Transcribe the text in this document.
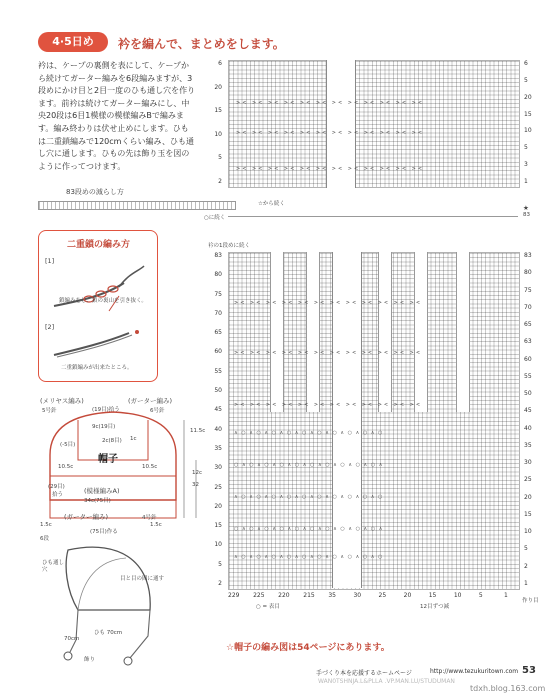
4·5日め	衿を編んで、まとめをします。
衿は、ケープの裏側を表にして、ケープから続けてガーター編みを6段編みますが、3段めにかけ目と2目一度のひも通し穴を作ります。前衿は続けてガーター編みにし、中央20段は6目1模様の模様編みBで編みます。編み終わりは伏せ止めにします。ひもは二重鎖編みで120cmくらい編み、ひも通し穴に通します。ひもの先は飾り玉を図のように作ってつけます。
83段めの減らし方
二重鎖の編み方
[1]
鎖編みをし、鎖の裏山を引き抜く。
[2]
二重鎖編みが出来たところ。
(メリヤス編み)	(ガーター編み)
5号針	6号針
(19目)拾う
9c(19目)
(-5目)
2c(8目) 1c
帽子
10.5c	10.5c
(29目)
拾う	(模様編みA)
34c(75目)
11.5c
12c
32
(ガーター編み)	4号針
(75目)作る
1.5c	1.5c
6段
ひも通し穴
目と目の間に通す
ひも 70cm
飾り
70cm
>< >< >< >< >< >< >< >< >< >< >< ><
>< >< >< >< >< >< >< >< >< >< >< ><
>< >< >< >< >< >< >< >< >< >< >< ><
6
20
15
10
5
2
6
5
20
15
10
5
3
1
☆から続く
○に続く
★
83
衿の1段めに続く
>< >< >< >< >< >< >< >< >< >< >< ><
>< >< >< >< >< >< >< >< >< >< >< ><
>< >< >< >< >< >< >< >< >< >< >< ><
∧ ○ ∧ ○ ∧ ○ ∧ ○ ∧ ○ ∧ ○ ∧ ○ ∧ ○ ∧ ○ ∧ ○
○ ∧ ○ ∧ ○ ∧ ○ ∧ ○ ∧ ○ ∧ ○ ∧ ○ ∧ ○ ∧ ○ ∧
∧ ○ ∧ ○ ∧ ○ ∧ ○ ∧ ○ ∧ ○ ∧ ○ ∧ ○ ∧ ○ ∧ ○
○ ∧ ○ ∧ ○ ∧ ○ ∧ ○ ∧ ○ ∧ ○ ∧ ○ ∧ ○ ∧ ○ ∧
∧ ○ ∧ ○ ∧ ○ ∧ ○ ∧ ○ ∧ ○ ∧ ○ ∧ ○ ∧ ○ ∧ ○
83
80
75
70
65
60
55
50
45
40
35
30
25
20
15
10
5
2
83
80
75
70
65
63
60
55
50
45
40
35
30
25
20
15
10
5
2
1
229 225 220 215 35	30	25	20	15	10	5	1
○ = 表目	12目ずつ減
作り目
☆帽子の編み図は54ページにあります。
手づくり本を応援するホームページ	http://www.tezukuritown.com 53
WAN0TSHNJA.L&PLLA .VP.MAN.LU/STUDUMAN
tdxh.blog.163.com
